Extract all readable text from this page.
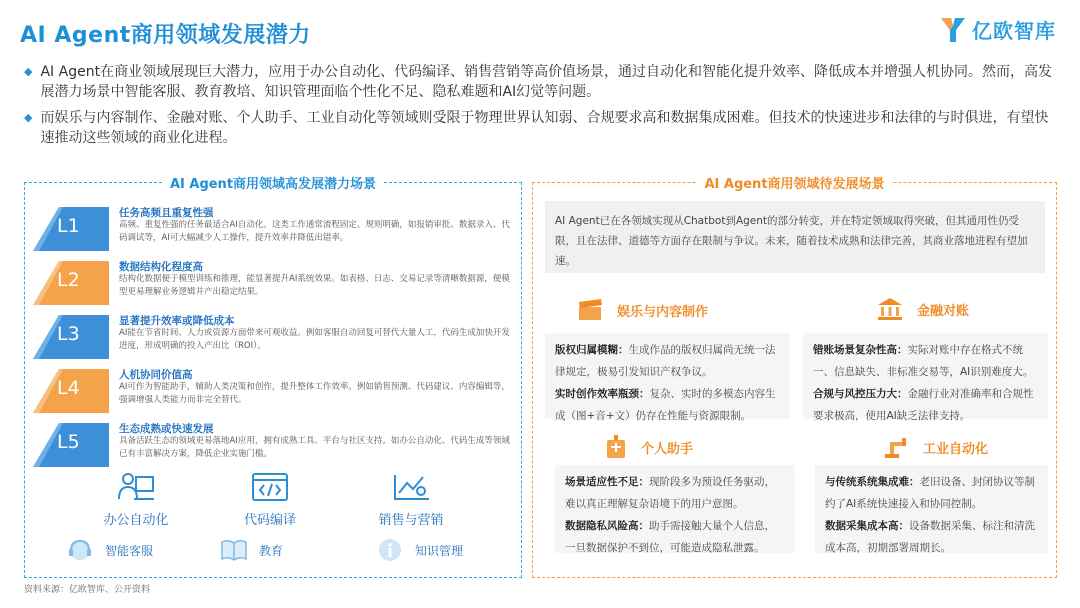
AI Agent商用领域发展潜力	亿欧智库
◆ AI Agent在商业领域展现巨大潜力，应用于办公自动化、代码编译、销售营销等高价值场景，通过自动化和智能化提升效率、降低成本并增强人机协同。然而，高发展潜力场景中智能客服、教育教培、知识管理面临个性化不足、隐私难题和AI幻觉等问题。
◆ 而娱乐与内容制作、金融对账、个人助手、工业自动化等领域则受限于物理世界认知弱、合规要求高和数据集成困难。但技术的快速进步和法律的与时俱进，有望快速推动这些领域的商业化进程。
AI Agent商用领域高发展潜力场景
L1
任务高频且重复性强
高频、重复性强的任务最适合AI自动化。这类工作通常流程固定、规则明确，如报销审批、数据录入、代码调试等，AI可大幅减少人工操作，提升效率并降低出错率。
L2
数据结构化程度高
结构化数据便于模型训练和推理，能显著提升AI系统效果。如表格、日志、交易记录等清晰数据源，便模型更易理解业务逻辑并产出稳定结果。
L3
显著提升效率或降低成本
AI能在节省时间、人力或资源方面带来可观收益。例如客服自动回复可替代大量人工，代码生成加快开发进度，形成明确的投入产出比（ROI）。
L4
人机协同价值高
AI可作为智能助手，辅助人类决策和创作，提升整体工作效率。例如销售预测、代码建议、内容编辑等，强调增强人类能力而非完全替代。
L5
生态成熟或快速发展
具备活跃生态的领域更易落地AI应用，拥有成熟工具、平台与社区支持。如办公自动化、代码生成等领域已有丰富解决方案，降低企业实施门槛。
办公自动化	代码编译	销售与营销
智能客服	教育	知识管理
AI Agent商用领域待发展场景
AI Agent已在各领域实现从Chatbot到Agent的部分转变，并在特定领域取得突破，但其通用性仍受限，且在法律、道德等方面存在限制与争议。未来，随着技术成熟和法律完善，其商业落地进程有望加速。
娱乐与内容制作
版权归属模糊：生成作品的版权归属尚无统一法律规定，极易引发知识产权争议。
实时创作效率瓶颈：复杂、实时的多模态内容生成（图+音+文）仍存在性能与资源限制。
金融对账
错账场景复杂性高：实际对账中存在格式不统一、信息缺失、非标准交易等，AI识别难度大。
合规与风控压力大：金融行业对准确率和合规性要求极高，使用AI缺乏法律支持。
个人助手
场景适应性不足：现阶段多为预设任务驱动，难以真正理解复杂语境下的用户意图。
数据隐私风险高：助手需接触大量个人信息，一旦数据保护不到位，可能造成隐私泄露。
工业自动化
与传统系统集成难：老旧设备、封闭协议等制约了AI系统快速接入和协同控制。
数据采集成本高：设备数据采集、标注和清洗成本高，初期部署周期长。
资料来源：亿欧智库、公开资料
